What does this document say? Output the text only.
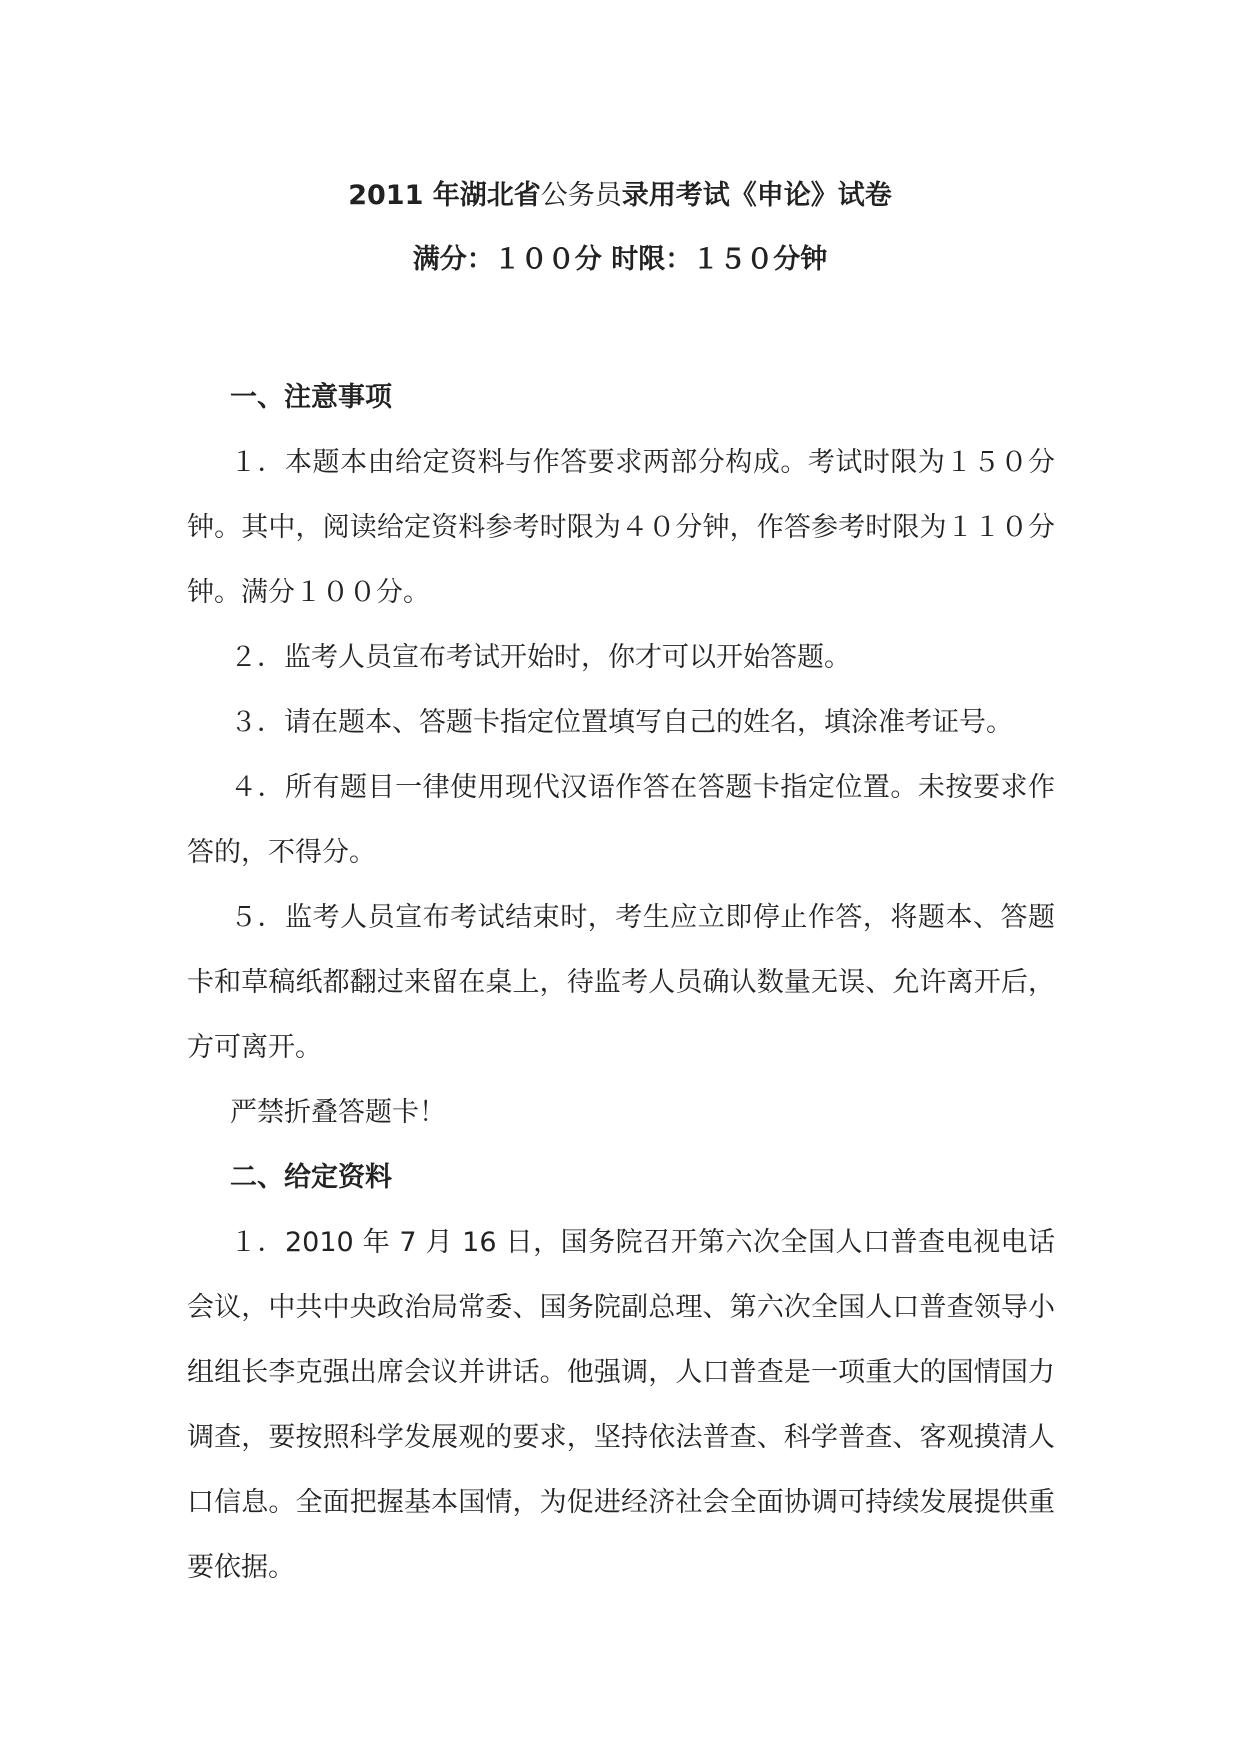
2011 年湖北省公务员录用考试《申论》试卷
满分：１００分 时限：１５０分钟

一、注意事项

１．本题本由给定资料与作答要求两部分构成。考试时限为１５０分钟。其中，阅读给定资料参考时限为４０分钟，作答参考时限为１１０分钟。满分１００分。

２．监考人员宣布考试开始时，你才可以开始答题。

３．请在题本、答题卡指定位置填写自己的姓名，填涂准考证号。

４．所有题目一律使用现代汉语作答在答题卡指定位置。未按要求作答的，不得分。

５．监考人员宣布考试结束时，考生应立即停止作答，将题本、答题卡和草稿纸都翻过来留在桌上，待监考人员确认数量无误、允许离开后，方可离开。

严禁折叠答题卡！

二、给定资料

１．2010 年 7 月 16 日，国务院召开第六次全国人口普查电视电话会议，中共中央政治局常委、国务院副总理、第六次全国人口普查领导小组组长李克强出席会议并讲话。他强调，人口普查是一项重大的国情国力调查，要按照科学发展观的要求，坚持依法普查、科学普查、客观摸清人口信息。全面把握基本国情，为促进经济社会全面协调可持续发展提供重要依据。
